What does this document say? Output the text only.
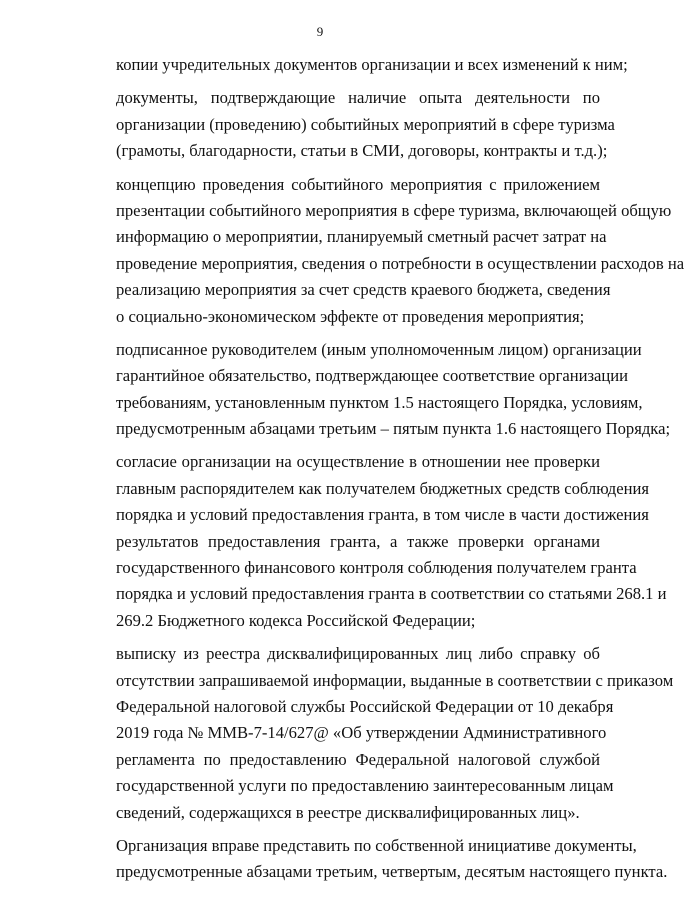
9

копии учредительных документов организации и всех изменений к ним;

документы, подтверждающие наличие опыта деятельности по
организации (проведению) событийных мероприятий в сфере туризма
(грамоты, благодарности, статьи в СМИ, договоры, контракты и т.д.);

концепцию проведения событийного мероприятия с приложением
презентации событийного мероприятия в сфере туризма, включающей общую
информацию о мероприятии, планируемый сметный расчет затрат на
проведение мероприятия, сведения о потребности в осуществлении расходов на
реализацию мероприятия за счет средств краевого бюджета, сведения
о социально-экономическом эффекте от проведения мероприятия;

подписанное руководителем (иным уполномоченным лицом) организации
гарантийное обязательство, подтверждающее соответствие организации
требованиям, установленным пунктом 1.5 настоящего Порядка, условиям,
предусмотренным абзацами третьим – пятым пункта 1.6 настоящего Порядка;

согласие организации на осуществление в отношении нее проверки
главным распорядителем как получателем бюджетных средств соблюдения
порядка и условий предоставления гранта, в том числе в части достижения
результатов предоставления гранта, а также проверки органами
государственного финансового контроля соблюдения получателем гранта
порядка и условий предоставления гранта в соответствии со статьями 268.1 и
269.2 Бюджетного кодекса Российской Федерации;

выписку из реестра дисквалифицированных лиц либо справку об
отсутствии запрашиваемой информации, выданные в соответствии с приказом
Федеральной налоговой службы Российской Федерации от 10 декабря
2019 года № ММВ-7-14/627@ «Об утверждении Административного
регламента по предоставлению Федеральной налоговой службой
государственной услуги по предоставлению заинтересованным лицам
сведений, содержащихся в реестре дисквалифицированных лиц».

Организация вправе представить по собственной инициативе документы,
предусмотренные абзацами третьим, четвертым, десятым настоящего пункта.
